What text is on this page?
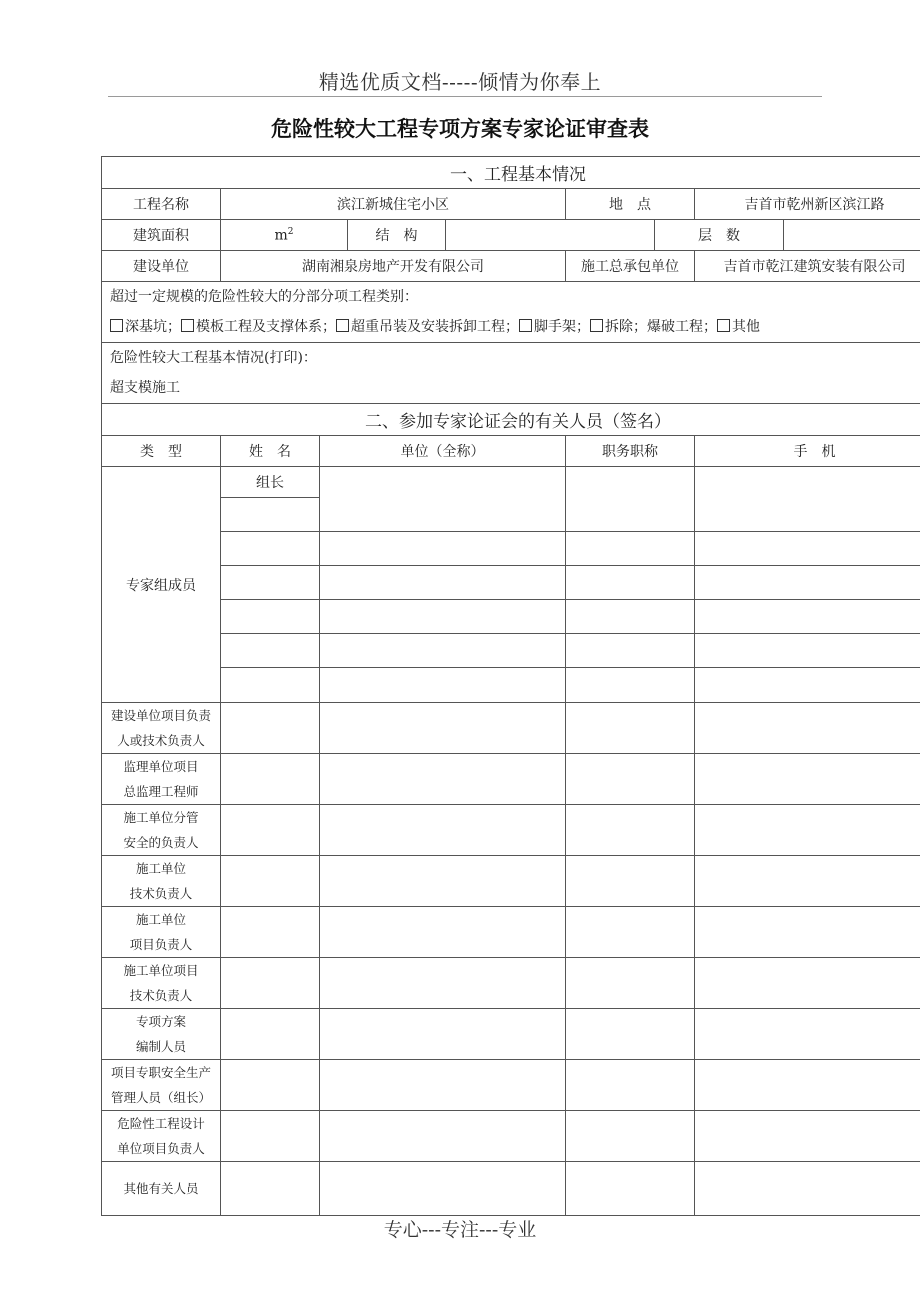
精选优质文档-----倾情为你奉上
危险性较大工程专项方案专家论证审查表
一、工程基本情况								
工程名称	滨江新城住宅小区				地　点		吉首市乾州新区滨江路	
建筑面积	$m^2$		结　构			层　数		
建设单位	湖南湘泉房地产开发有限公司				施工总承包单位		吉首市乾江建筑安装有限公司	

超过一定规模的危险性较大的分部分项工程类别：
深基坑； 模板工程及支撑体系； 超重吊装及安装拆卸工程； 脚手架； 拆除；爆破工程； 其他								

危险性较大工程基本情况(打印)：
超支模施工								

二、参加专家论证会的有关人员（签名）								
类　型	姓　名	单位（全称）			职务职称		手　机	
专家组成员	组长							

建设单位项目负责
人或技术负责人								

监理单位项目
总监理工程师								

施工单位分管
安全的负责人								

施工单位
技术负责人								

施工单位
项目负责人								

施工单位项目
技术负责人								

专项方案
编制人员								

项目专职安全生产
管理人员（组长）								

危险性工程设计
单位项目负责人								

其他有关人员								

专心---专注---专业
